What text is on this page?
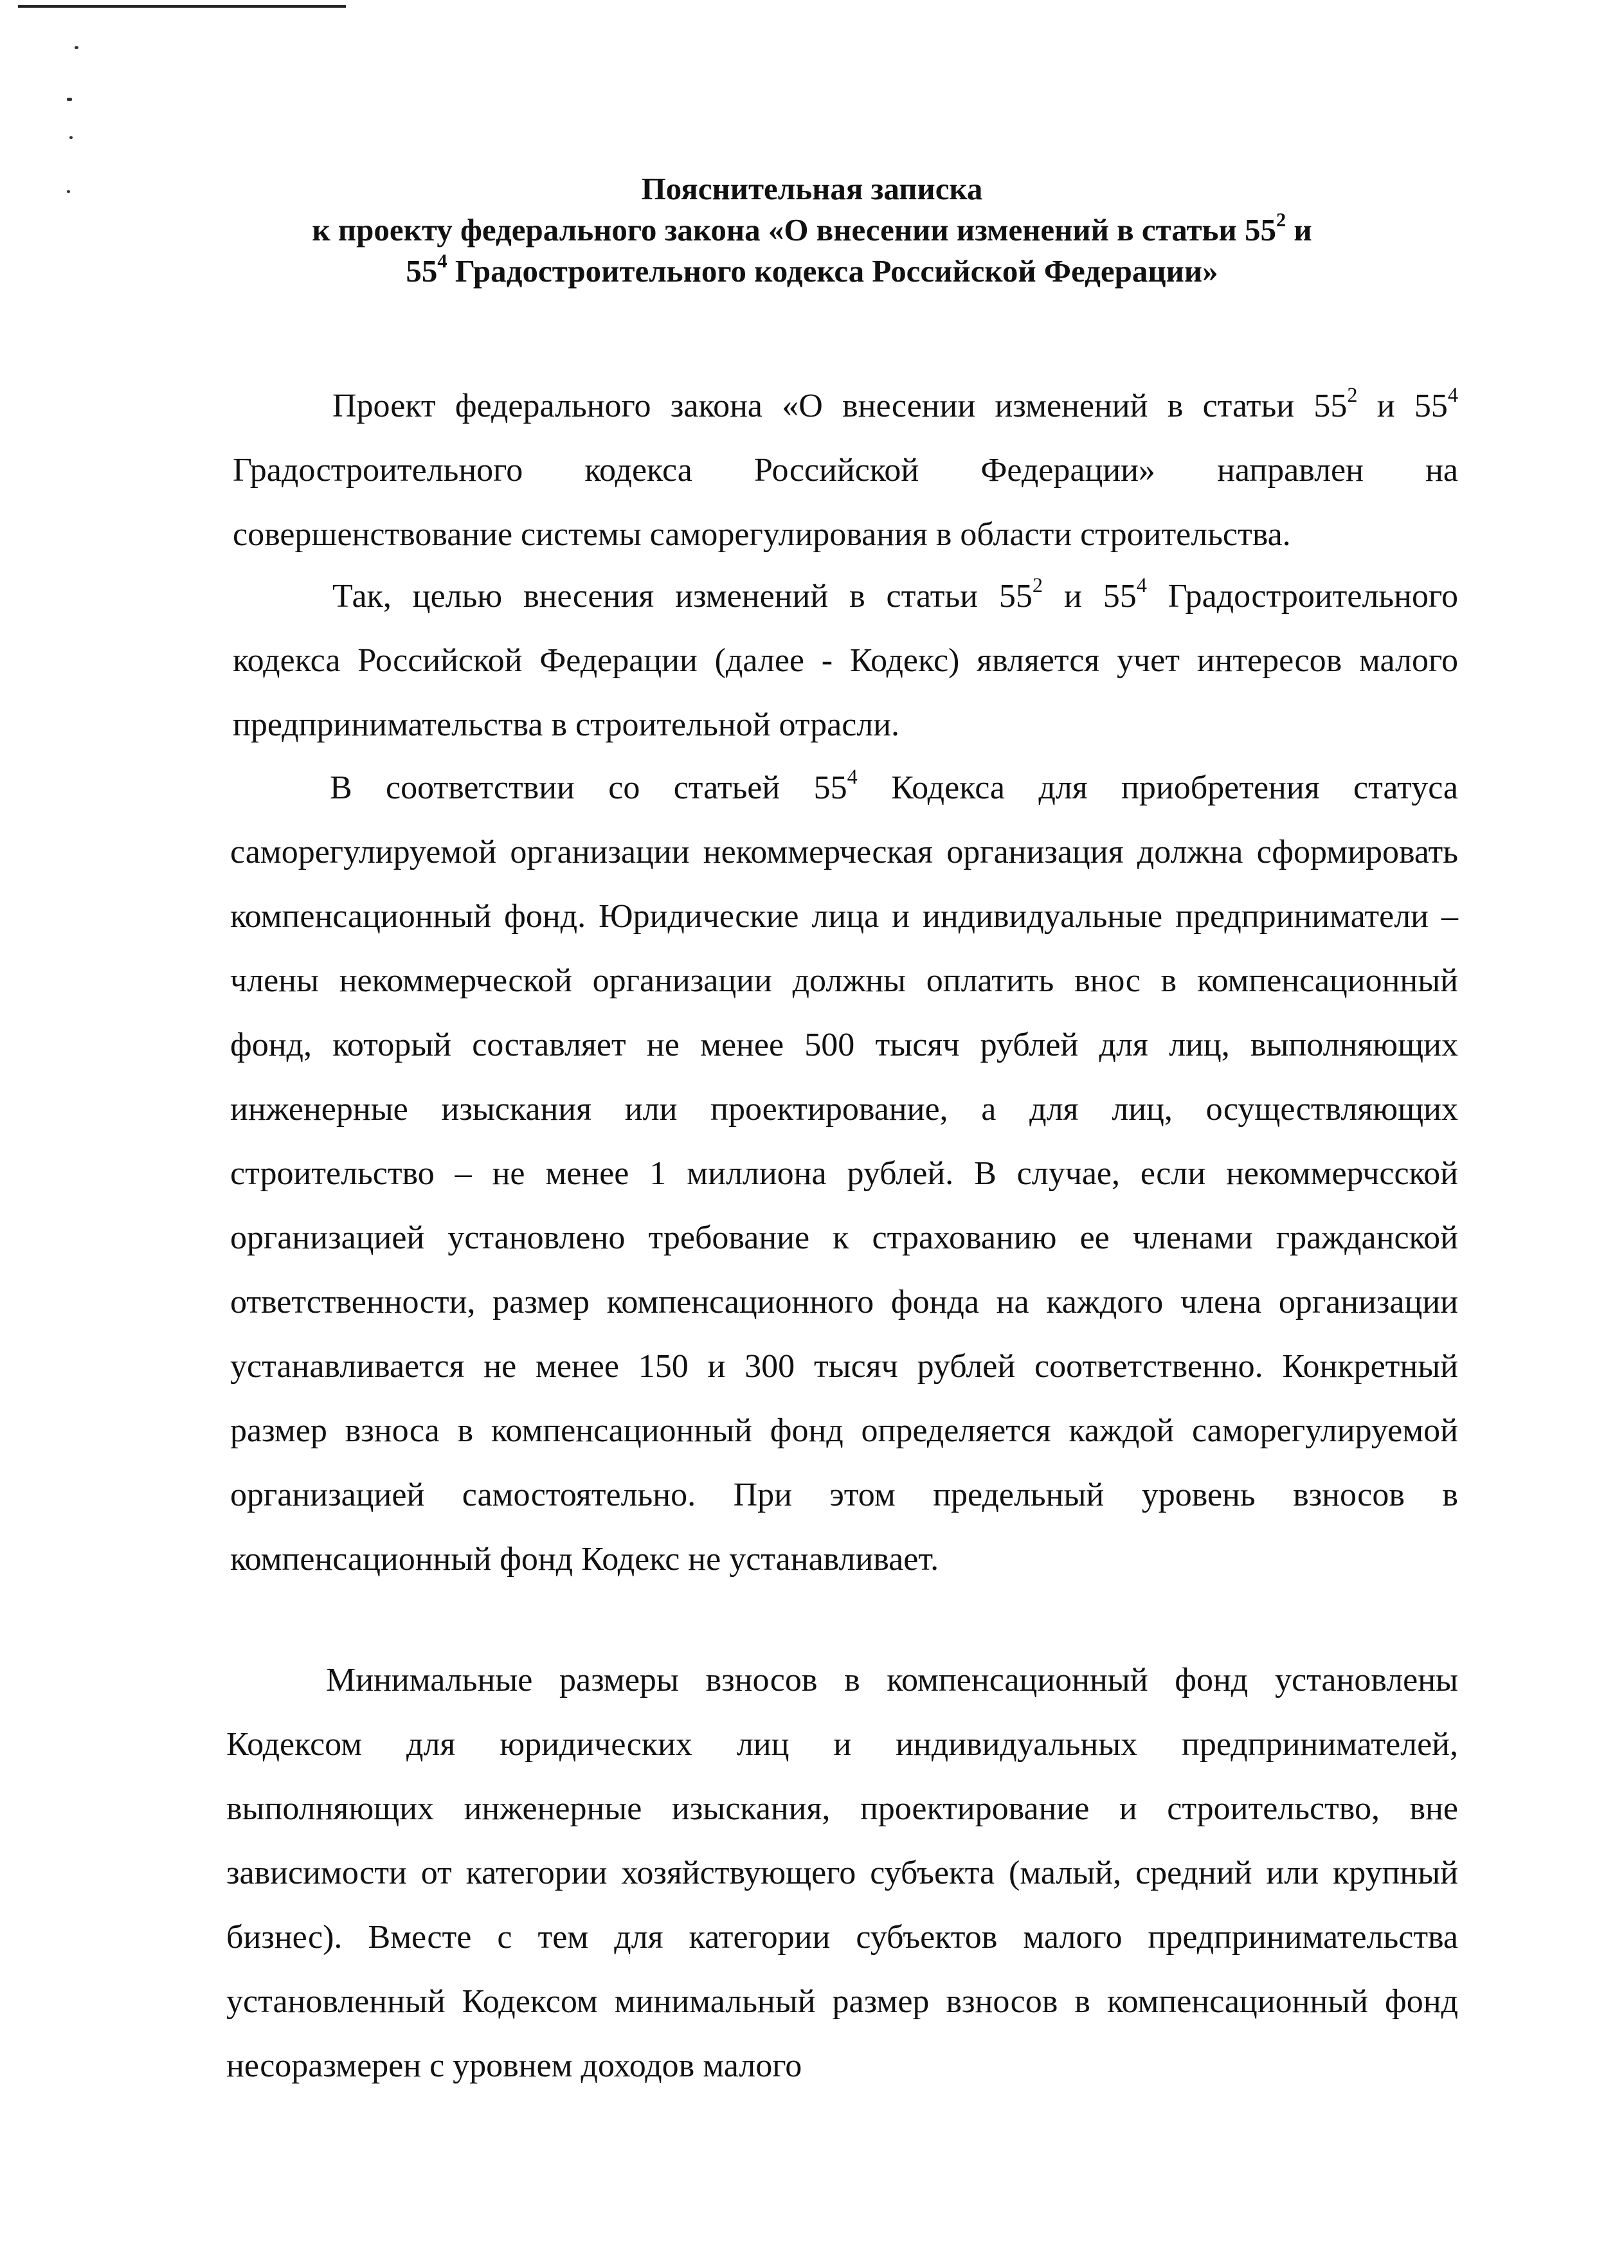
Пояснительная записка
к проекту федерального закона «О внесении изменений в статьи $55^2$ и
$55^4$ Градостроительного кодекса Российской Федерации»

Проект федерального закона «О внесении изменений в статьи $55^2$ и $55^4$ Градостроительного кодекса Российской Федерации» направлен на совершенствование системы саморегулирования в области строительства.

Так, целью внесения изменений в статьи $55^2$ и $55^4$ Градостроительного кодекса Российской Федерации (далее - Кодекс) является учет интересов малого предпринимательства в строительной отрасли.

В соответствии со статьей $55^4$ Кодекса для приобретения статуса саморегулируемой организации некоммерческая организация должна сформировать компенсационный фонд. Юридические лица и индивидуальные предприниматели – члены некоммерческой организации должны оплатить внос в компенсационный фонд, который составляет не менее 500 тысяч рублей для лиц, выполняющих инженерные изыскания или проектирование, а для лиц, осуществляющих строительство – не менее 1 миллиона рублей. В случае, если некоммерчсской организацией установлено требование к страхованию ее членами гражданской ответственности, размер компенсационного фонда на каждого члена организации устанавливается не менее 150 и 300 тысяч рублей соответственно. Конкретный размер взноса в компенсационный фонд определяется каждой саморегулируемой организацией самостоятельно. При этом предельный уровень взносов в компенсационный фонд Кодекс не устанавливает.

Минимальные размеры взносов в компенсационный фонд установлены Кодексом для юридических лиц и индивидуальных предпринимателей, выполняющих инженерные изыскания, проектирование и строительство, вне зависимости от категории хозяйствующего субъекта (малый, средний или крупный бизнес). Вместе с тем для категории субъектов малого предпринимательства установленный Кодексом минимальный размер взносов в компенсационный фонд несоразмерен с уровнем доходов малого
